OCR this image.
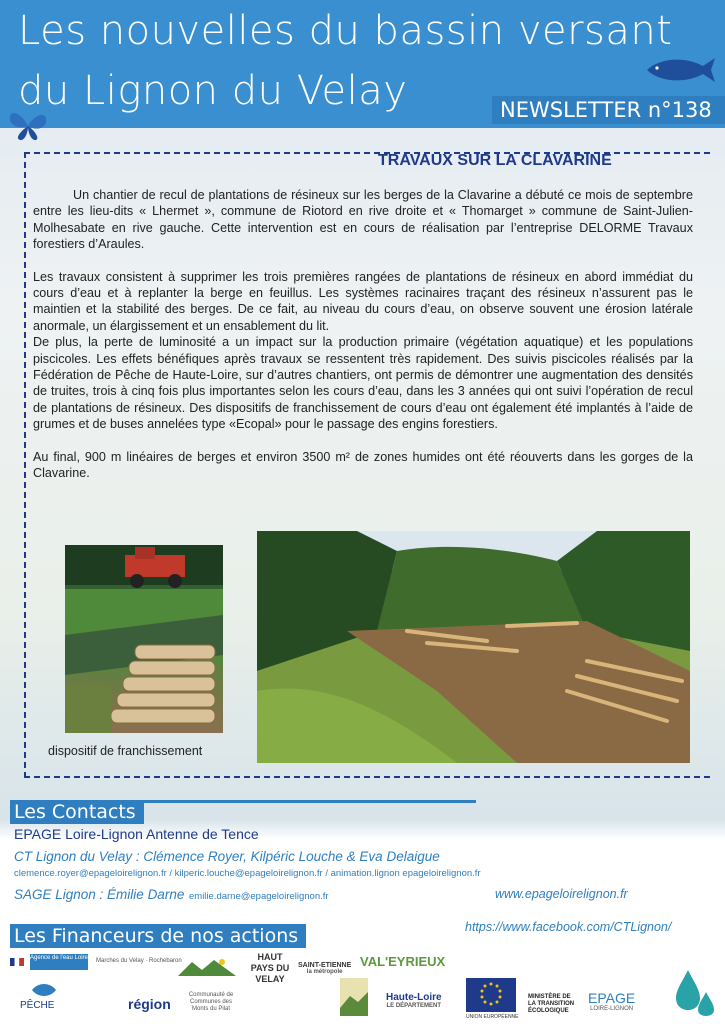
Les nouvelles du bassin versant
du Lignon du Velay	NEWSLETTER n°138
TRAVAUX SUR LA CLAVARINE

Un chantier de recul de plantations de résineux sur les berges de la Clavarine a débuté ce mois de septembre entre les lieu-dits « Lhermet », commune de Riotord en rive droite et « Thomarget » commune de Saint-Julien-Molhesabate en rive gauche. Cette intervention est en cours de réalisation par l’entreprise DELORME Travaux forestiers d’Araules.

Les travaux consistent à supprimer les trois premières rangées de plantations de résineux en abord immédiat du cours d’eau et à replanter la berge en feuillus. Les systèmes racinaires traçant des résineux n’assurent pas le maintien et la stabilité des berges. De ce fait, au niveau du cours d’eau, on observe souvent une érosion latérale anormale, un élargissement et un ensablement du lit.

De plus, la perte de luminosité a un impact sur la production primaire (végétation aquatique) et les populations piscicoles. Les effets bénéfiques après travaux se ressentent très rapidement. Des suivis piscicoles réalisés par la Fédération de Pêche de Haute-Loire, sur d’autres chantiers, ont permis de démontrer une augmentation des densités de truites, trois à cinq fois plus importantes selon les cours d’eau, dans les 3 années qui ont suivi l’opération de recul de plantations de résineux. Des dispositifs de franchissement de cours d’eau ont également été implantés à l’aide de grumes et de buses annelées type «Ecopal» pour le passage des engins forestiers.

Au final, 900 m linéaires de berges et environ 3500 m² de zones humides ont été réouverts dans les gorges de la Clavarine.

dispositif de franchissement
Les Contacts
EPAGE Loire-Lignon Antenne de Tence
CT Lignon du Velay : Clémence Royer, Kilpéric Louche & Eva Delaigue
clemence.royer@epageloirelignon.fr / kilperic.louche@epageloirelignon.fr / animation.lignon epageloirelignon.fr
SAGE Lignon : Émilie Darne emilie.darne@epageloirelignon.fr	www.epageloirelignon.fr
https://www.facebook.com/CTLignon/
Les Financeurs de nos actions
Agence de l'eau Loire-Bretagne
Marches du Velay · Rochebaron	HAUT PAYS DU VELAY
SAINT-ETIENNE
la métropole
VAL'EYRIEUX
PÊCHE	région
Communauté de Communes des Monts du Pilat
Haute-Loire
LE DÉPARTEMENT
UNION EUROPÉENNE
MINISTÈRE DE LA TRANSITION ÉCOLOGIQUE
EPAGE
LOIRE-LIGNON
